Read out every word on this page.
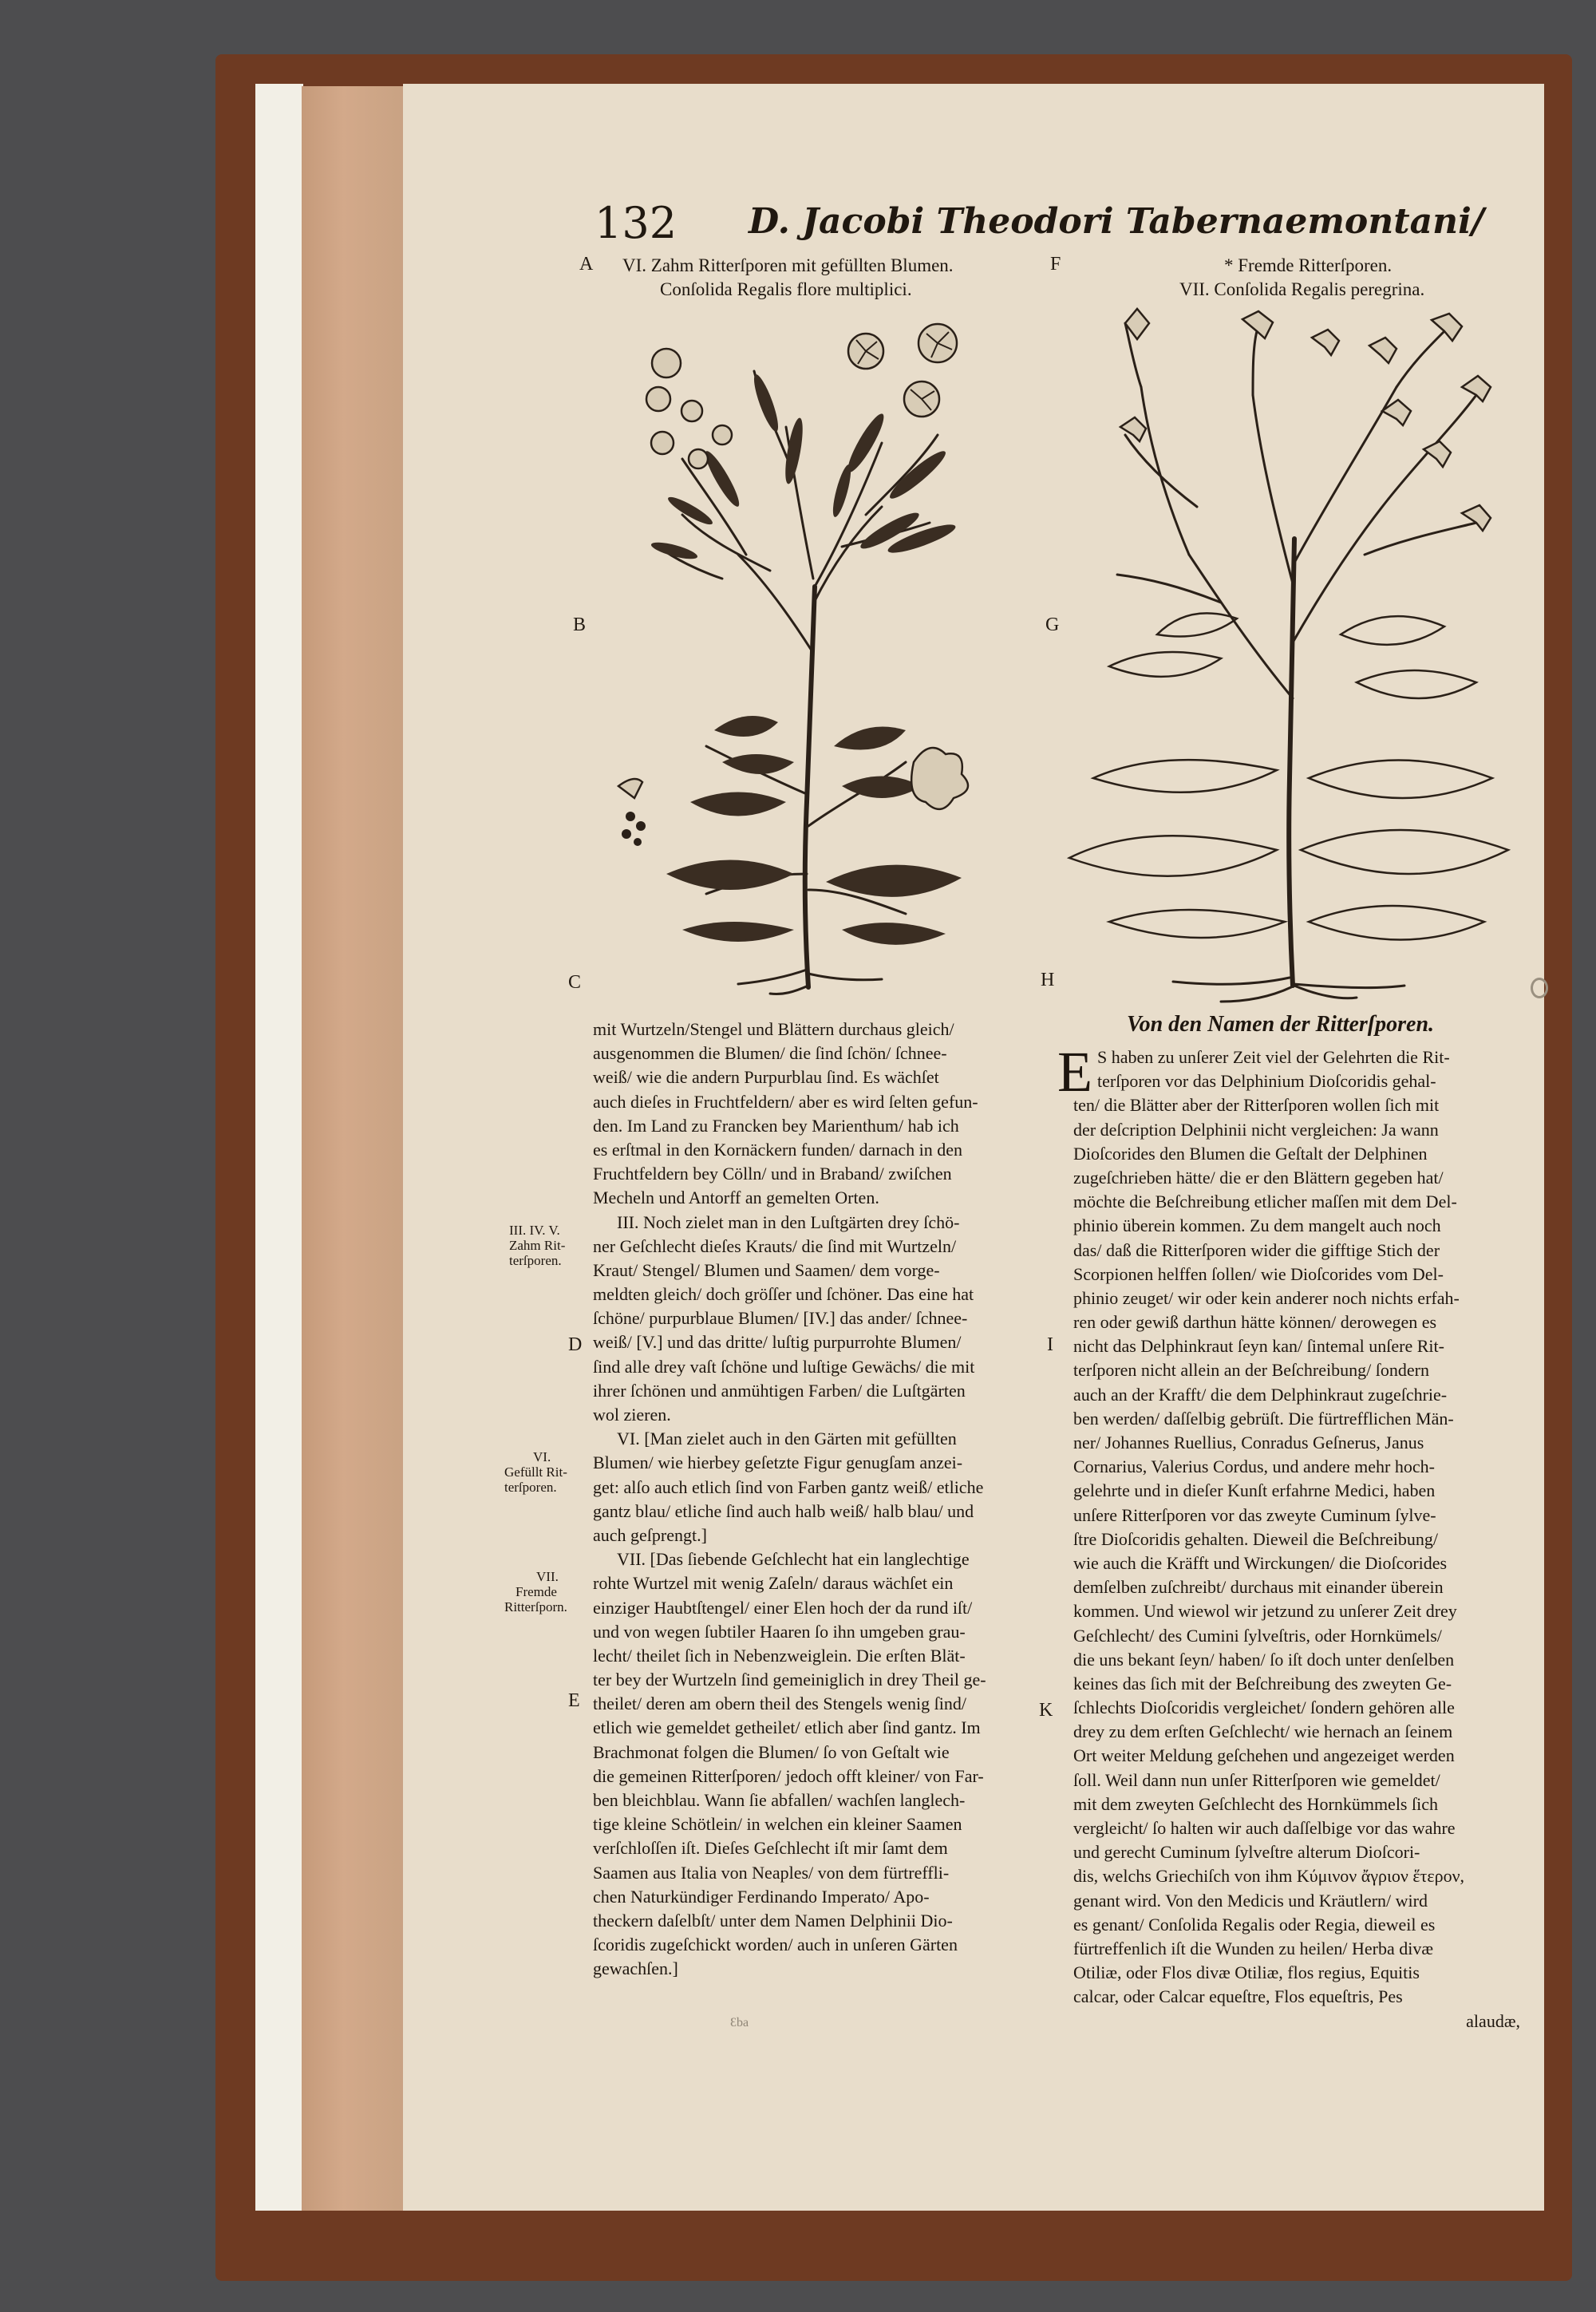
132 D. Jacobi Theodori Tabernaemontani/
A	F
B	G
C	H
D	I
E	K
VI. Zahm Ritterſporen mit gefüllten Blumen.
Conſolida Regalis flore multiplici.
* Fremde Ritterſporen.
VII. Conſolida Regalis peregrina.
mit Wurtzeln/Stengel und Blättern durchaus gleich/
ausgenommen die Blumen/ die ſind ſchön/ ſchnee-
weiß/ wie die andern Purpurblau ſind. Es wächſet
auch dieſes in Fruchtfeldern/ aber es wird ſelten gefun-
den. Im Land zu Francken bey Marienthum/ hab ich
es erſtmal in den Kornäckern funden/ darnach in den
Fruchtfeldern bey Cölln/ und in Braband/ zwiſchen
Mecheln und Antorff an gemelten Orten.
III. Noch zielet man in den Luſtgärten drey ſchö-
ner Geſchlecht dieſes Krauts/ die ſind mit Wurtzeln/
Kraut/ Stengel/ Blumen und Saamen/ dem vorge-
meldten gleich/ doch gröſſer und ſchöner. Das eine hat
ſchöne/ purpurblaue Blumen/ [IV.] das ander/ ſchnee-
weiß/ [V.] und das dritte/ luſtig purpurrohte Blumen/
ſind alle drey vaſt ſchöne und luſtige Gewächs/ die mit
ihrer ſchönen und anmühtigen Farben/ die Luſtgärten
wol zieren.
VI. [Man zielet auch in den Gärten mit gefüllten
Blumen/ wie hierbey geſetzte Figur genugſam anzei-
get: alſo auch etlich ſind von Farben gantz weiß/ etliche
gantz blau/ etliche ſind auch halb weiß/ halb blau/ und
auch geſprengt.]
VII. [Das ſiebende Geſchlecht hat ein langlechtige
rohte Wurtzel mit wenig Zaſeln/ daraus wächſet ein
einziger Haubtſtengel/ einer Elen hoch der da rund iſt/
und von wegen ſubtiler Haaren ſo ihn umgeben grau-
lecht/ theilet ſich in Nebenzweiglein. Die erſten Blät-
ter bey der Wurtzeln ſind gemeiniglich in drey Theil ge-
theilet/ deren am obern theil des Stengels wenig ſind/
etlich wie gemeldet getheilet/ etlich aber ſind gantz. Im
Brachmonat folgen die Blumen/ ſo von Geſtalt wie
die gemeinen Ritterſporen/ jedoch offt kleiner/ von Far-
ben bleichblau. Wann ſie abfallen/ wachſen langlech-
tige kleine Schötlein/ in welchen ein kleiner Saamen
verſchloſſen iſt. Dieſes Geſchlecht iſt mir ſamt dem
Saamen aus Italia von Neaples/ von dem fürtreffli-
chen Naturkündiger Ferdinando Imperato/ Apo-
theckern daſelbſt/ unter dem Namen Delphinii Dio-
ſcoridis zugeſchickt worden/ auch in unſeren Gärten
gewachſen.]
III. IV. V.
Zahm Rit-
terſporen.
VI.
Gefüllt Rit-
terſporen.
VII.
Fremde
Ritterſporn.
Von den Namen der Ritterſporen.
E S haben zu unſerer Zeit viel der Gelehrten die Rit-
terſporen vor das Delphinium Dioſcoridis gehal-
ten/ die Blätter aber der Ritterſporen wollen ſich mit
der deſcription Delphinii nicht vergleichen: Ja wann
Dioſcorides den Blumen die Geſtalt der Delphinen
zugeſchrieben hätte/ die er den Blättern gegeben hat/
möchte die Beſchreibung etlicher maſſen mit dem Del-
phinio überein kommen. Zu dem mangelt auch noch
das/ daß die Ritterſporen wider die gifftige Stich der
Scorpionen helffen ſollen/ wie Dioſcorides vom Del-
phinio zeuget/ wir oder kein anderer noch nichts erfah-
ren oder gewiß darthun hätte können/ derowegen es
nicht das Delphinkraut ſeyn kan/ ſintemal unſere Rit-
terſporen nicht allein an der Beſchreibung/ ſondern
auch an der Krafft/ die dem Delphinkraut zugeſchrie-
ben werden/ daſſelbig gebrüſt. Die fürtrefflichen Män-
ner/ Johannes Ruellius, Conradus Geſnerus, Janus
Cornarius, Valerius Cordus, und andere mehr hoch-
gelehrte und in dieſer Kunſt erfahrne Medici, haben
unſere Ritterſporen vor das zweyte Cuminum ſylve-
ſtre Dioſcoridis gehalten. Dieweil die Beſchreibung/
wie auch die Kräfft und Wirckungen/ die Dioſcorides
demſelben zuſchreibt/ durchaus mit einander überein
kommen. Und wiewol wir jetzund zu unſerer Zeit drey
Geſchlecht/ des Cumini ſylveſtris, oder Hornkümels/
die uns bekant ſeyn/ haben/ ſo iſt doch unter denſelben
keines das ſich mit der Beſchreibung des zweyten Ge-
ſchlechts Dioſcoridis vergleichet/ ſondern gehören alle
drey zu dem erſten Geſchlecht/ wie hernach an ſeinem
Ort weiter Meldung geſchehen und angezeiget werden
ſoll. Weil dann nun unſer Ritterſporen wie gemeldet/
mit dem zweyten Geſchlecht des Hornkümmels ſich
vergleicht/ ſo halten wir auch daſſelbige vor das wahre
und gerecht Cuminum ſylveſtre alterum Dioſcori-
dis, welchs Griechiſch von ihm Κύμινον ἄγριον ἕτερον,
genant wird. Von den Medicis und Kräutlern/ wird
es genant/ Conſolida Regalis oder Regia, dieweil es
fürtreffenlich iſt die Wunden zu heilen/ Herba divæ
Otiliæ, oder Flos divæ Otiliæ, flos regius, Equitis
calcar, oder Calcar equeſtre, Flos equeſtris, Pes
alaudæ,
Ɛba
